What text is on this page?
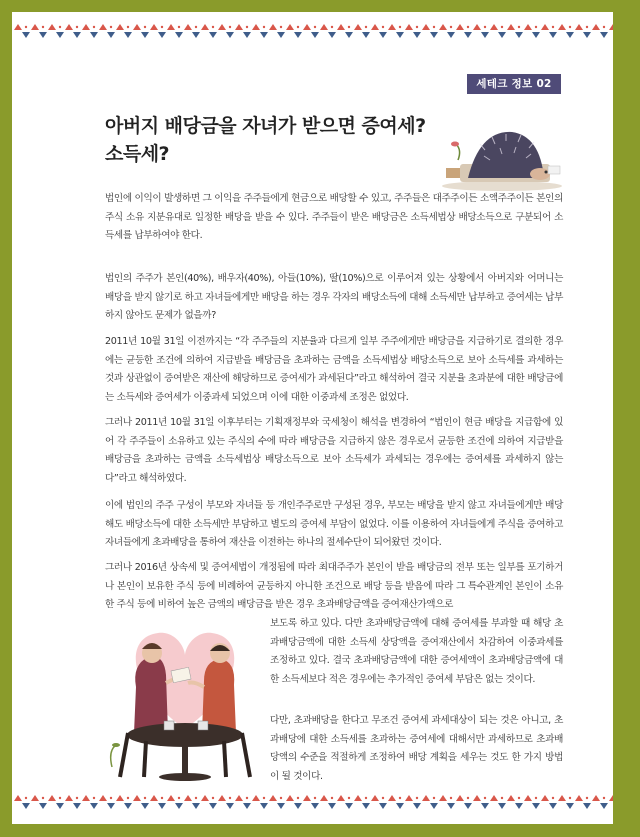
세테크 정보 02
아버지 배당금을 자녀가 받으면 증여세?
소득세?

법인에 이익이 발생하면 그 이익을 주주들에게 현금으로 배당할 수 있고, 주주들은 대주주이든 소액주주이든 본인의 주식 소유 지분유대로 일정한 배당을 받을 수 있다. 주주들이 받은 배당금은 소득세법상 배당소득으로 구분되어 소득세를 납부하여야 한다.

법인의 주주가 본인(40%), 배우자(40%), 아들(10%), 딸(10%)으로 이루어져 있는 상황에서 아버지와 어머니는 배당을 받지 않기로 하고 자녀들에게만 배당을 하는 경우 각자의 배당소득에 대해 소득세만 납부하고 증여세는 납부하지 않아도 문제가 없을까?

2011년 10월 31일 이전까지는 “각 주주들의 지분율과 다르게 일부 주주에게만 배당금을 지급하기로 결의한 경우에는 균등한 조건에 의하여 지급받을 배당금을 초과하는 금액을 소득세법상 배당소득으로 보아 소득세를 과세하는 것과 상관없이 증여받은 재산에 해당하므로 증여세가 과세된다”라고 해석하여 결국 지분율 초과분에 대한 배당금에는 소득세와 증여세가 이중과세 되었으며 이에 대한 이중과세 조정은 없었다.

그러나 2011년 10월 31일 이후부터는 기획재정부와 국세청이 해석을 변경하여 “법인이 현금 배당을 지급함에 있어 각 주주들이 소유하고 있는 주식의 수에 따라 배당금을 지급하지 않은 경우로서 균등한 조건에 의하여 지급받을 배당금을 초과하는 금액을 소득세법상 배당소득으로 보아 소득세가 과세되는 경우에는 증여세를 과세하지 않는다”라고 해석하였다.

이에 법인의 주주 구성이 부모와 자녀들 등 개인주주로만 구성된 경우, 부모는 배당을 받지 않고 자녀들에게만 배당해도 배당소득에 대한 소득세만 부담하고 별도의 증여세 부담이 없었다. 이를 이용하여 자녀들에게 주식을 증여하고 자녀들에게 초과배당을 통하여 재산을 이전하는 하나의 절세수단이 되어왔던 것이다.

그러나 2016년 상속세 및 증여세법이 개정됨에 따라 최대주주가 본인이 받을 배당금의 전부 또는 일부를 포기하거나 본인이 보유한 주식 등에 비례하여 균등하지 아니한 조건으로 배당 등을 받음에 따라 그 특수관계인 본인이 소유한 주식 등에 비하여 높은 금액의 배당금을 받은 경우 초과배당금액을 증여재산가액으로

보도록 하고 있다. 다만 초과배당금액에 대해 증여세를 부과할 때 해당 초과배당금액에 대한 소득세 상당액을 증여재산에서 차감하여 이중과세를 조정하고 있다. 결국 초과배당금액에 대한 증여세액이 초과배당금액에 대한 소득세보다 적은 경우에는 추가적인 증여세 부담은 없는 것이다.

다만, 초과배당을 한다고 무조건 증여세 과세대상이 되는 것은 아니고, 초과배당에 대한 소득세를 초과하는 증여세에 대해서만 과세하므로 초과배당액의 수준을 적절하게 조정하여 배당 계획을 세우는 것도 한 가지 방법이 될 것이다.
